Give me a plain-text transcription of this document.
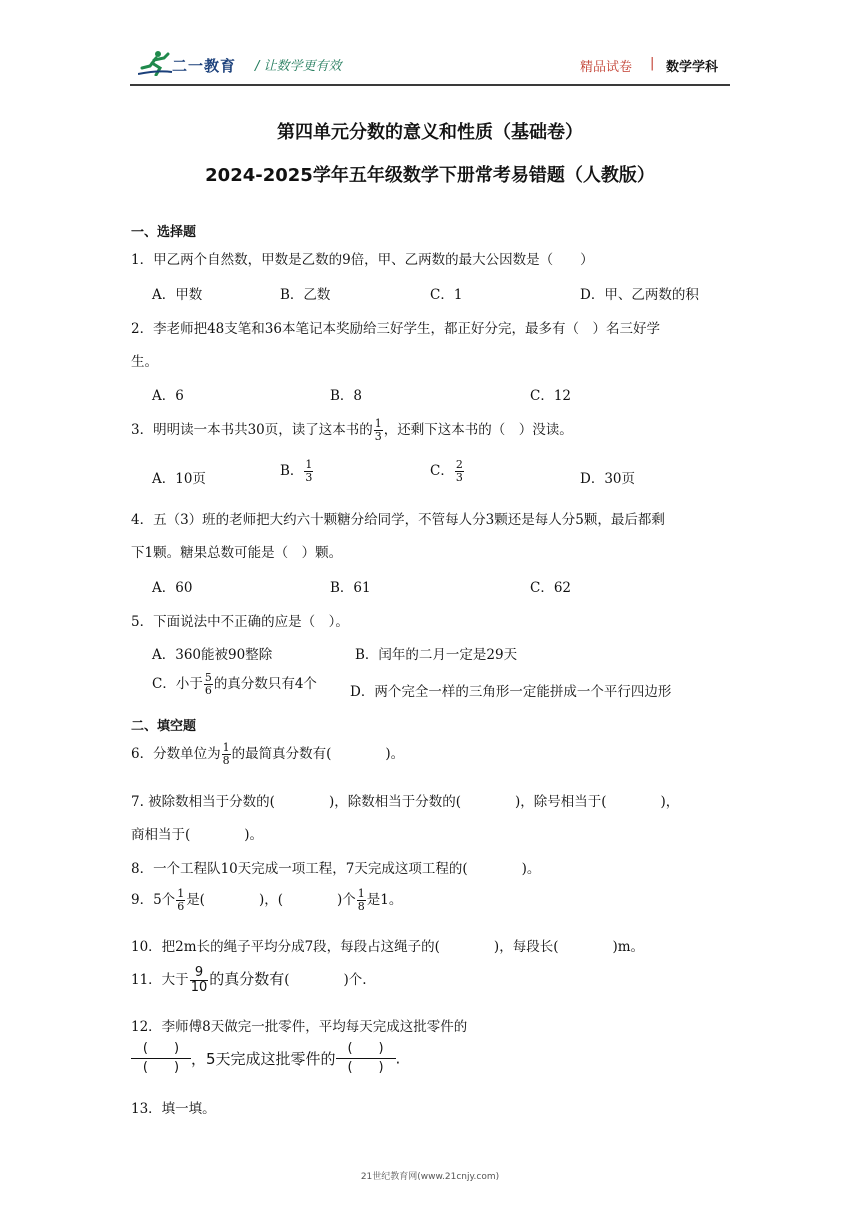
二一教育 / 让数学更有效	精品试卷 | 数学学科
第四单元分数的意义和性质（基础卷）
2024-2025学年五年级数学下册常考易错题（人教版）
一、选择题
1．甲乙两个自然数，甲数是乙数的9倍，甲、乙两数的最大公因数是（　　）
A．甲数	B．乙数	C．1	D．甲、乙两数的积
2．李老师把48支笔和36本笔记本奖励给三好学生，都正好分完，最多有（　）名三好学
生。
A．6	B．8	C．12
3．明明读一本书共30页，读了这本书的 $\frac{1}{3}$ ，还剩下这本书的（　）没读。
A．10页	B． $\frac{1}{3}$	C． $\frac{2}{3}$	D．30页
4．五（3）班的老师把大约六十颗糖分给同学，不管每人分3颗还是每人分5颗，最后都剩
下1颗。糖果总数可能是（　）颗。
A．60	B．61	C．62
5．下面说法中不正确的应是（　）。
A．360能被90整除	B．闰年的二月一定是29天
C．小于 $\frac{5}{6}$ 的真分数只有4个 D．两个完全一样的三角形一定能拼成一个平行四边形
二、填空题
6．分数单位为 $\frac{1}{8}$ 的最简真分数有(　　　　)。
7. 被除数相当于分数的(　　　　)，除数相当于分数的(　　　　)，除号相当于(　　　　)，
商相当于(　　　　)。
8．一个工程队10天完成一项工程，7天完成这项工程的(　　　　)。
9．5个 $\frac{1}{6}$ 是(　　　　)，(　　　　)个 $\frac{1}{8}$ 是1。
10．把2m长的绳子平均分成7段，每段占这绳子的(　　　　)，每段长(　　　　)m。
11．大于 $\frac{9}{10}$ 的真分数有(　　　　)个.
12．李师傅8天做完一批零件，平均每天完成这批零件的
(　　)
(　　) ，5天完成这批零件的
(　　)
(　　) .
13．填一填。
21世纪教育网(www.21cnjy.com)
